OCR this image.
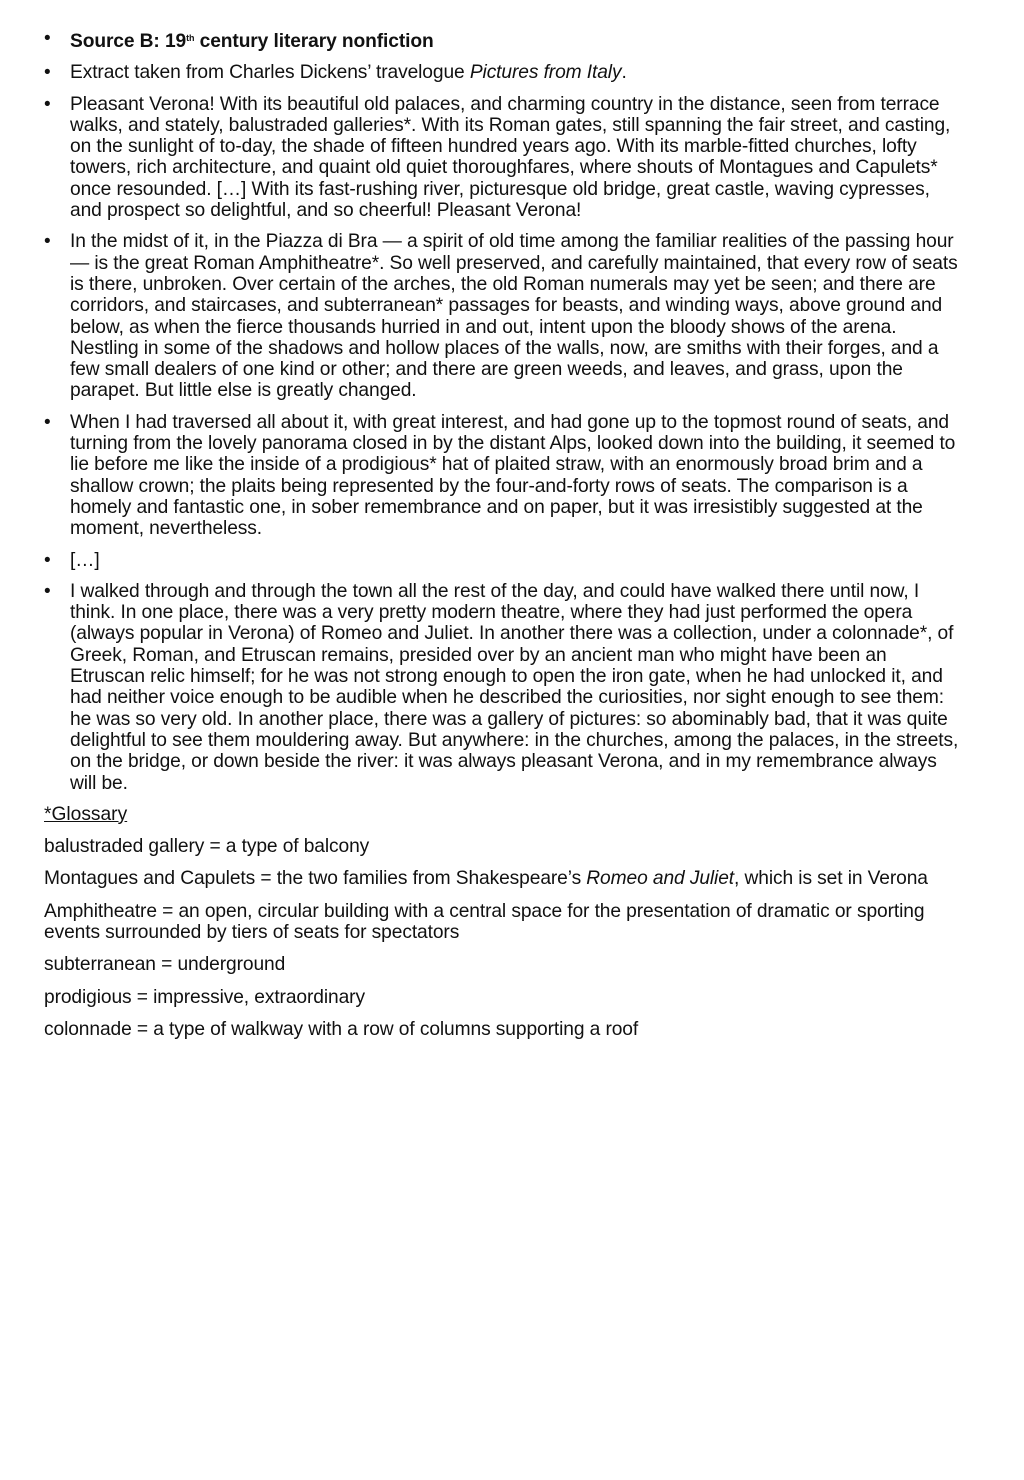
• Source B: 19th century literary nonfiction
• Extract taken from Charles Dickens’ travelogue Pictures from Italy.
• Pleasant Verona! With its beautiful old palaces, and charming country in the distance, seen from terrace walks, and stately, balustraded galleries*. With its Roman gates, still spanning the fair street, and casting, on the sunlight of to-day, the shade of fifteen hundred years ago. With its marble-fitted churches, lofty towers, rich architecture, and quaint old quiet thoroughfares, where shouts of Montagues and Capulets* once resounded. […] With its fast-rushing river, picturesque old bridge, great castle, waving cypresses, and prospect so delightful, and so cheerful! Pleasant Verona!
• In the midst of it, in the Piazza di Bra — a spirit of old time among the familiar realities of the passing hour — is the great Roman Amphitheatre*. So well preserved, and carefully maintained, that every row of seats is there, unbroken. Over certain of the arches, the old Roman numerals may yet be seen; and there are corridors, and staircases, and subterranean* passages for beasts, and winding ways, above ground and below, as when the fierce thousands hurried in and out, intent upon the bloody shows of the arena. Nestling in some of the shadows and hollow places of the walls, now, are smiths with their forges, and a few small dealers of one kind or other; and there are green weeds, and leaves, and grass, upon the parapet. But little else is greatly changed.
• When I had traversed all about it, with great interest, and had gone up to the topmost round of seats, and turning from the lovely panorama closed in by the distant Alps, looked down into the building, it seemed to lie before me like the inside of a prodigious* hat of plaited straw, with an enormously broad brim and a shallow crown; the plaits being represented by the four-and-forty rows of seats. The comparison is a homely and fantastic one, in sober remembrance and on paper, but it was irresistibly suggested at the moment, nevertheless.
• […]
• I walked through and through the town all the rest of the day, and could have walked there until now, I think. In one place, there was a very pretty modern theatre, where they had just performed the opera (always popular in Verona) of Romeo and Juliet. In another there was a collection, under a colonnade*, of Greek, Roman, and Etruscan remains, presided over by an ancient man who might have been an Etruscan relic himself; for he was not strong enough to open the iron gate, when he had unlocked it, and had neither voice enough to be audible when he described the curiosities, nor sight enough to see them: he was so very old. In another place, there was a gallery of pictures: so abominably bad, that it was quite delightful to see them mouldering away. But anywhere: in the churches, among the palaces, in the streets, on the bridge, or down beside the river: it was always pleasant Verona, and in my remembrance always will be.
*Glossary
balustraded gallery = a type of balcony
Montagues and Capulets = the two families from Shakespeare’s Romeo and Juliet, which is set in Verona
Amphitheatre = an open, circular building with a central space for the presentation of dramatic or sporting events surrounded by tiers of seats for spectators
subterranean = underground
prodigious = impressive, extraordinary
colonnade = a type of walkway with a row of columns supporting a roof
